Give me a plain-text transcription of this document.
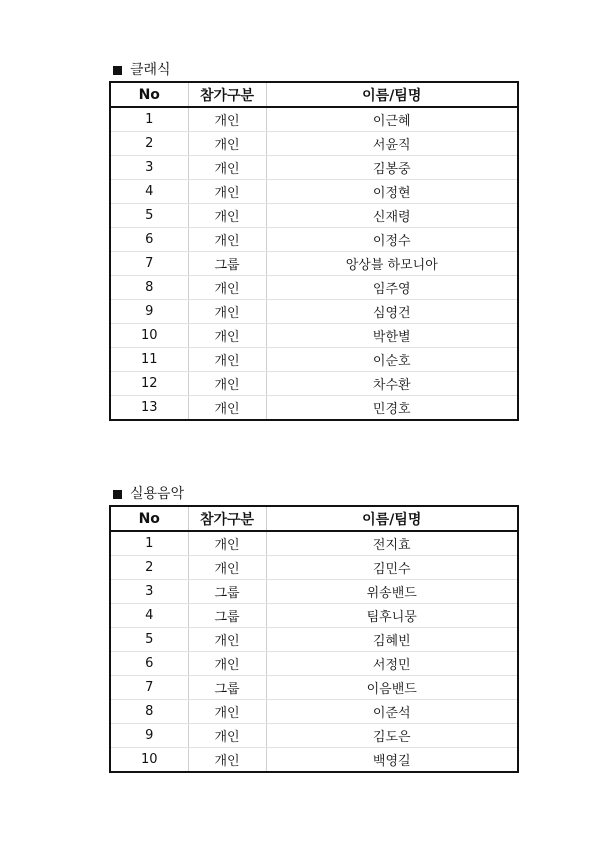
클래식
No	참가구분	이름/팀명
1	개인	이근혜
2	개인	서윤직
3	개인	김봉중
4	개인	이정현
5	개인	신재령
6	개인	이정수
7	그룹	앙상블 하모니아
8	개인	임주영
9	개인	심영건
10	개인	박한별
11	개인	이순호
12	개인	차수환
13	개인	민경호
실용음악
No	참가구분	이름/팀명
1	개인	전지효
2	개인	김민수
3	그룹	위송밴드
4	그룹	팀후니뭉
5	개인	김혜빈
6	개인	서정민
7	그룹	이음밴드
8	개인	이준석
9	개인	김도은
10	개인	백영길
